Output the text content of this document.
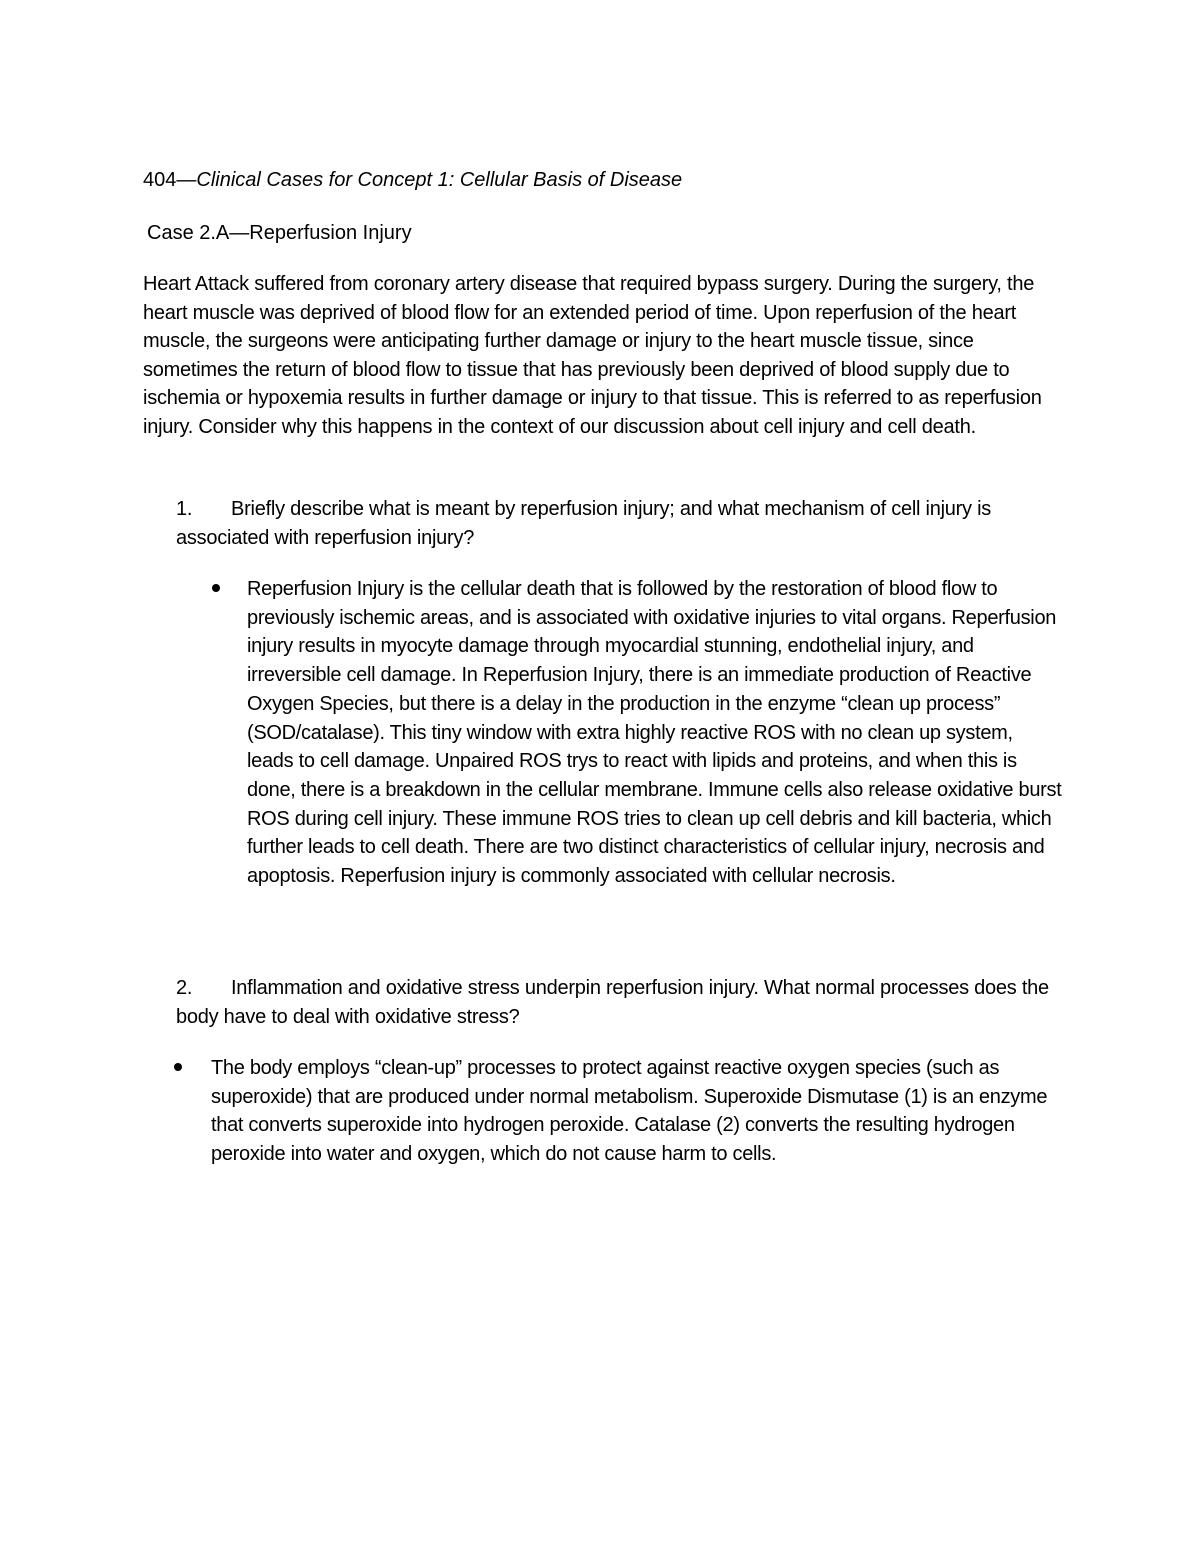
404—Clinical Cases for Concept 1: Cellular Basis of Disease
Case 2.A—Reperfusion Injury

Heart Attack suffered from coronary artery disease that required bypass surgery. During the surgery, the heart muscle was deprived of blood flow for an extended period of time. Upon reperfusion of the heart muscle, the surgeons were anticipating further damage or injury to the heart muscle tissue, since sometimes the return of blood flow to tissue that has previously been deprived of blood supply due to ischemia or hypoxemia results in further damage or injury to that tissue. This is referred to as reperfusion injury. Consider why this happens in the context of our discussion about cell injury and cell death.

1. Briefly describe what is meant by reperfusion injury; and what mechanism of cell injury is associated with reperfusion injury?
Reperfusion Injury is the cellular death that is followed by the restoration of blood flow to previously ischemic areas, and is associated with oxidative injuries to vital organs. Reperfusion injury results in myocyte damage through myocardial stunning, endothelial injury, and irreversible cell damage. In Reperfusion Injury, there is an immediate production of Reactive Oxygen Species, but there is a delay in the production in the enzyme “clean up process” (SOD/catalase). This tiny window with extra highly reactive ROS with no clean up system, leads to cell damage. Unpaired ROS trys to react with lipids and proteins, and when this is done, there is a breakdown in the cellular membrane. Immune cells also release oxidative burst ROS during cell injury. These immune ROS tries to clean up cell debris and kill bacteria, which further leads to cell death. There are two distinct characteristics of cellular injury, necrosis and apoptosis. Reperfusion injury is commonly associated with cellular necrosis.
2. Inflammation and oxidative stress underpin reperfusion injury. What normal processes does the body have to deal with oxidative stress?
The body employs “clean-up” processes to protect against reactive oxygen species (such as superoxide) that are produced under normal metabolism. Superoxide Dismutase (1) is an enzyme that converts superoxide into hydrogen peroxide. Catalase (2) converts the resulting hydrogen peroxide into water and oxygen, which do not cause harm to cells.
